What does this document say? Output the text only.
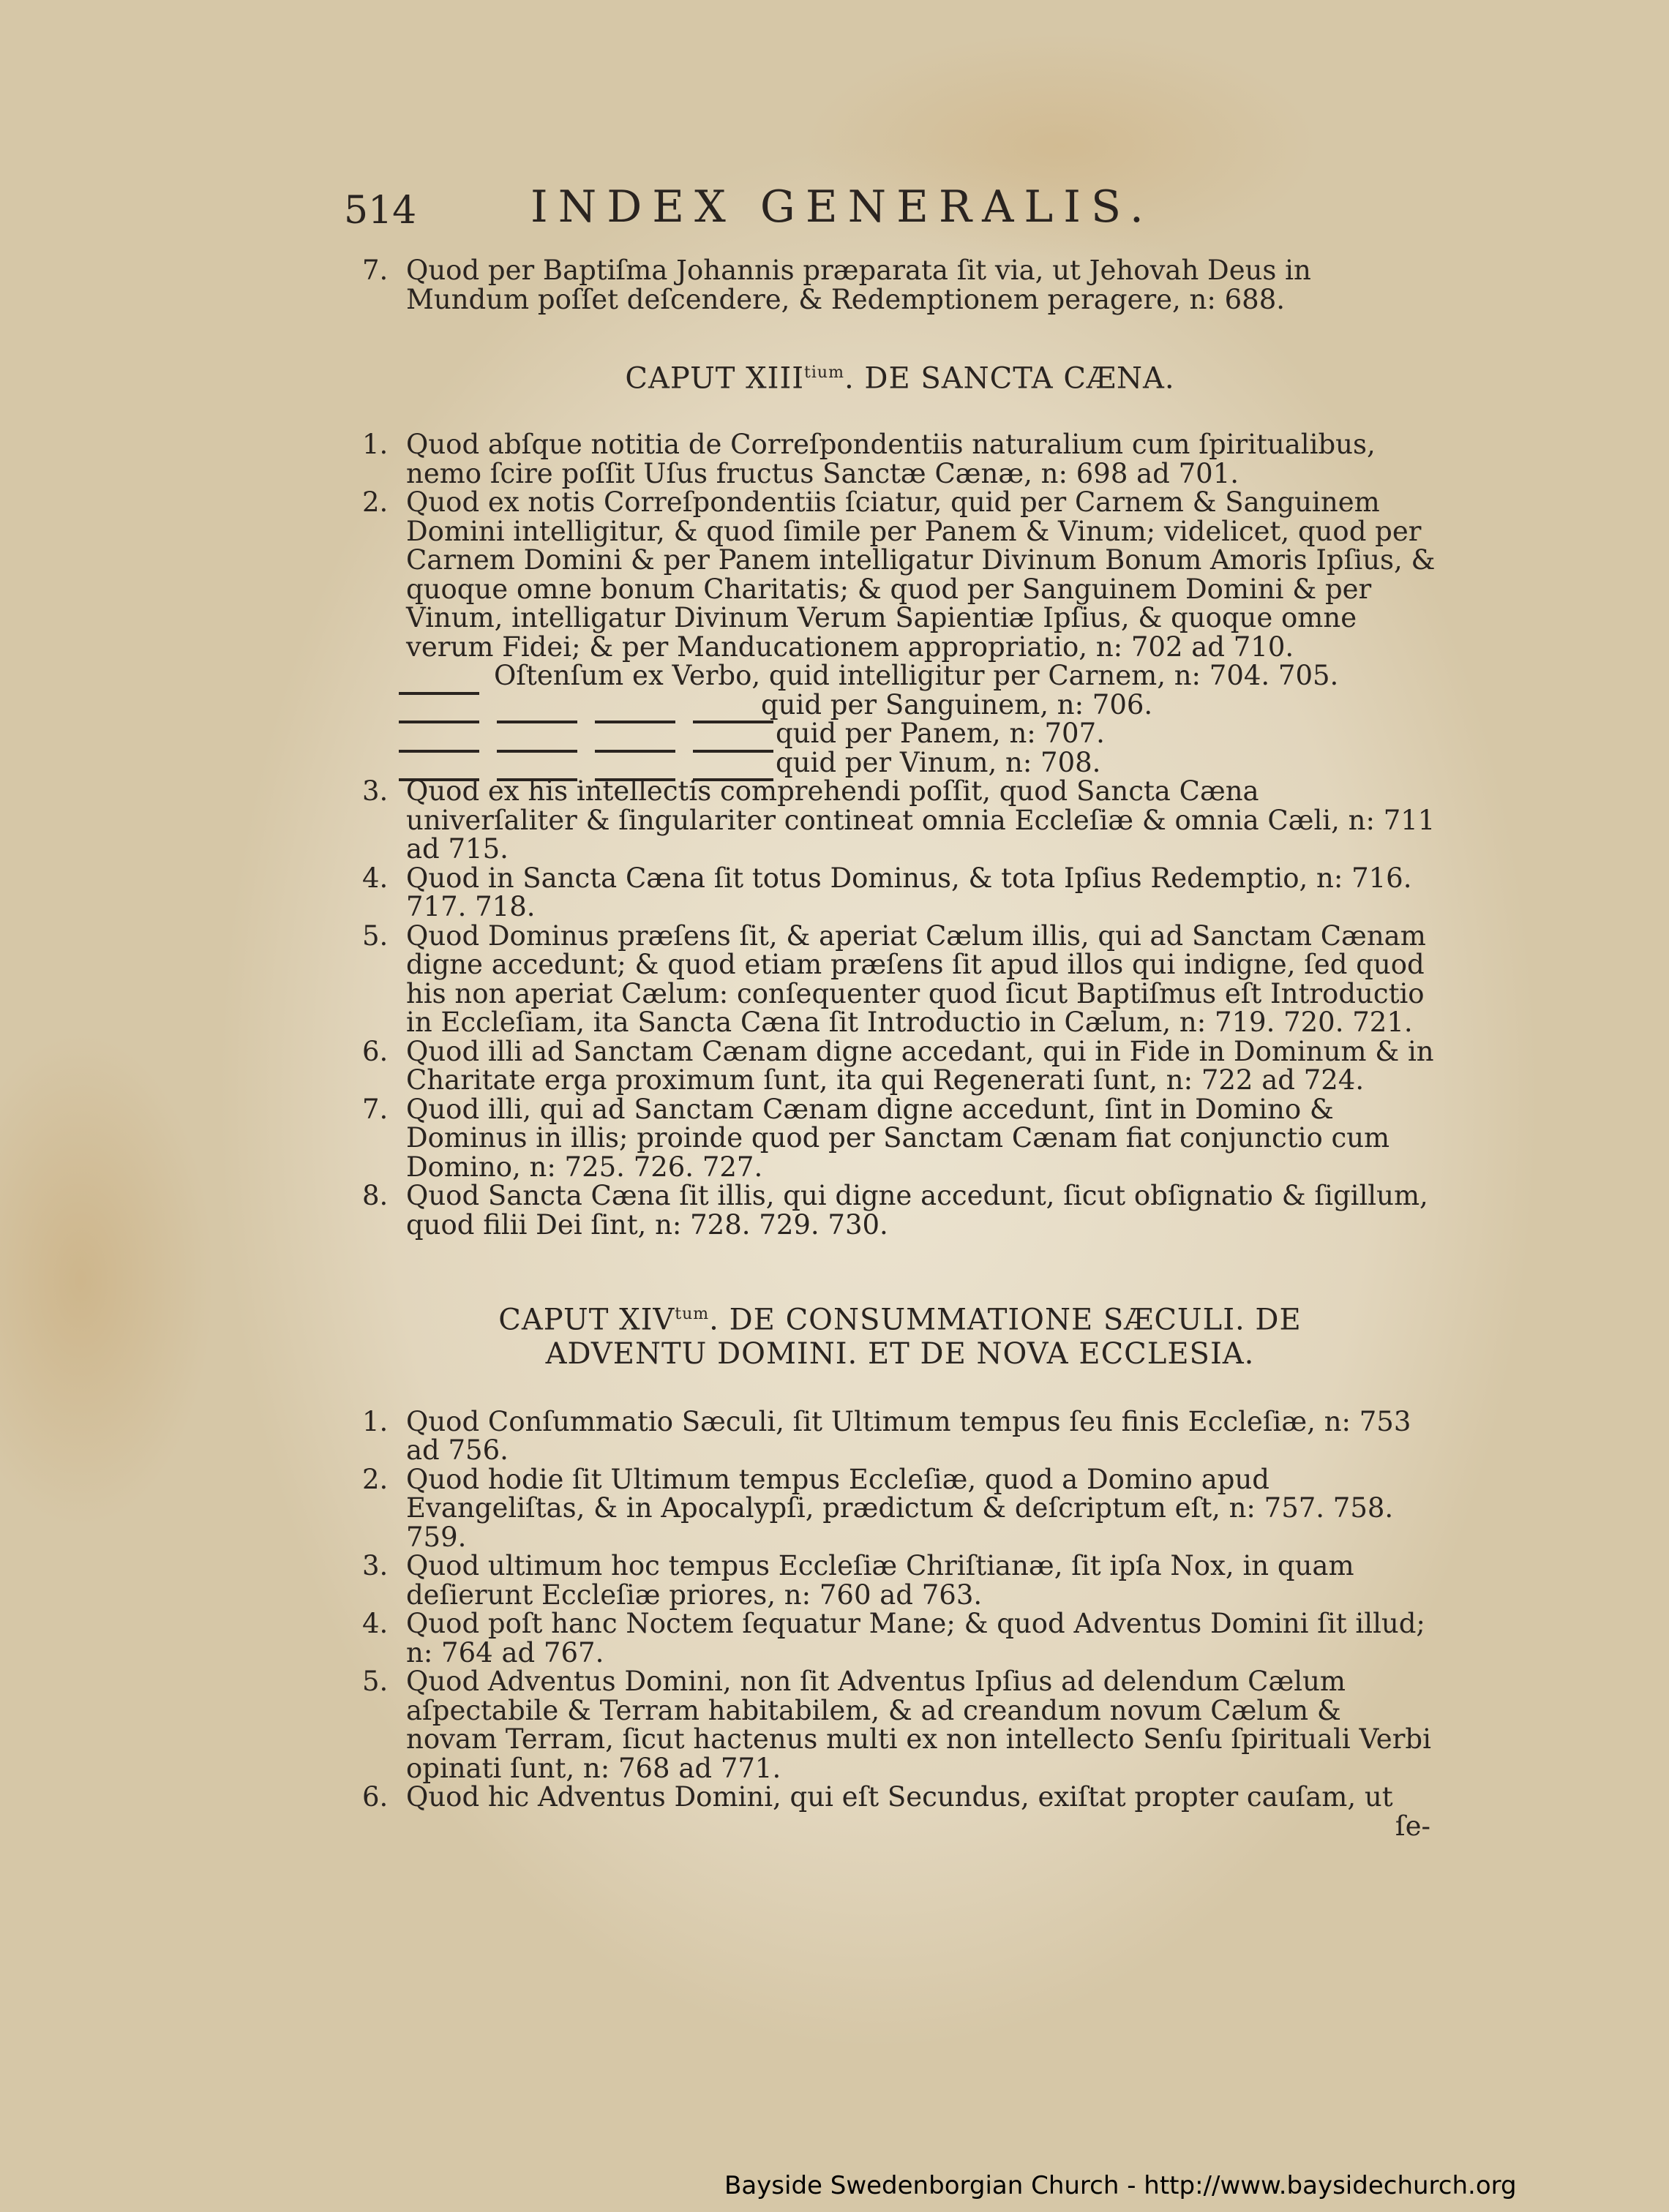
514	INDEX GENERALIS.

7. Quod per Baptiſma Johannis præparata ſit via, ut Jehovah Deus in Mundum poſſet deſcendere, & Redemptionem peragere, n: 688.

CAPUT $XIII^{tium}$. DE SANCTA CÆNA.

1. Quod abſque notitia de Correſpondentiis naturalium cum ſpiritualibus, nemo ſcire poſſit Uſus fructus Sanctæ Cænæ, n: 698 ad 701.

2. Quod ex notis Correſpondentiis ſciatur, quid per Carnem & Sanguinem Domini intelligitur, & quod ſimile per Panem & Vinum; videlicet, quod per Carnem Domini & per Panem intelligatur Divinum Bonum Amoris Ipſius, & quoque omne bonum Charitatis; & quod per Sanguinem Domini & per Vinum, intelligatur Divinum Verum Sapientiæ Ipſius, & quoque omne verum Fidei; & per Manducationem appropriatio, n: 702 ad 710.

Oſtenſum ex Verbo, quid intelligitur per Carnem, n: 704. 705.
quid per Sanguinem, n: 706.
quid per Panem, n: 707.
quid per Vinum, n: 708.

3. Quod ex his intellectis comprehendi poſſit, quod Sancta Cæna univerſaliter & ſingulariter contineat omnia Eccleſiæ & omnia Cæli, n: 711 ad 715.

4. Quod in Sancta Cæna ſit totus Dominus, & tota Ipſius Redemptio, n: 716. 717. 718.

5. Quod Dominus præſens ſit, & aperiat Cælum illis, qui ad Sanctam Cænam digne accedunt; & quod etiam præſens ſit apud illos qui indigne, ſed quod his non aperiat Cælum: conſequenter quod ſicut Baptiſmus eſt Introductio in Eccleſiam, ita Sancta Cæna ſit Introductio in Cælum, n: 719. 720. 721.

6. Quod illi ad Sanctam Cænam digne accedant, qui in Fide in Dominum & in Charitate erga proximum ſunt, ita qui Regenerati ſunt, n: 722 ad 724.

7. Quod illi, qui ad Sanctam Cænam digne accedunt, ſint in Domino & Dominus in illis; proinde quod per Sanctam Cænam fiat conjunctio cum Domino, n: 725. 726. 727.

8. Quod Sancta Cæna ſit illis, qui digne accedunt, ſicut obſignatio & ſigillum, quod filii Dei ſint, n: 728. 729. 730.

CAPUT $XIV^{tum}$. DE CONSUMMATIONE SÆCULI. DE
ADVENTU DOMINI. ET DE NOVA ECCLESIA.

1. Quod Conſummatio Sæculi, ſit Ultimum tempus ſeu finis Eccleſiæ, n: 753 ad 756.

2. Quod hodie ſit Ultimum tempus Eccleſiæ, quod a Domino apud Evangeliſtas, & in Apocalypſi, prædictum & deſcriptum eſt, n: 757. 758. 759.

3. Quod ultimum hoc tempus Eccleſiæ Chriſtianæ, ſit ipſa Nox, in quam deſierunt Eccleſiæ priores, n: 760 ad 763.

4. Quod poſt hanc Noctem ſequatur Mane; & quod Adventus Domini ſit illud; n: 764 ad 767.

5. Quod Adventus Domini, non ſit Adventus Ipſius ad delendum Cælum aſpectabile & Terram habitabilem, & ad creandum novum Cælum & novam Terram, ſicut hactenus multi ex non intellecto Senſu ſpirituali Verbi opinati ſunt, n: 768 ad 771.

6. Quod hic Adventus Domini, qui eſt Secundus, exiſtat propter cauſam, ut

ſe-

Bayside Swedenborgian Church - http://www.baysidechurch.org
